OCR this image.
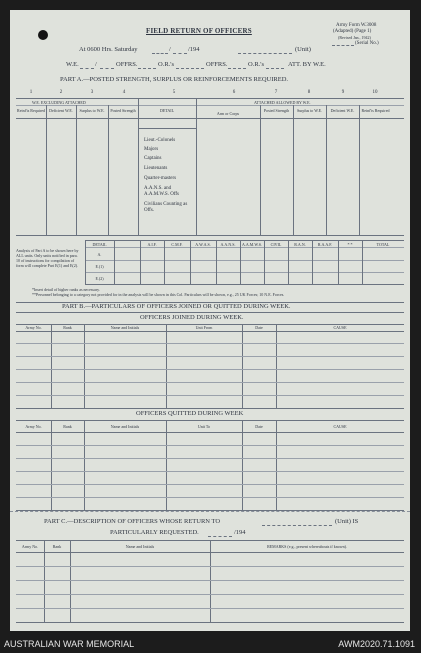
FIELD RETURN OF OFFICERS
Army Form W.3008
(Adapted) (Page 1)
(Revised Jan., 1942)
(Serial No.)
At 0600 Hrs. Saturday	/	/194	(Unit)
W.E. /	OFFRS.	O.R.'s	OFFRS.	O.R.'s	ATT. BY W.E.
PART A.—POSTED STRENGTH, SURPLUS OR REINFORCEMENTS REQUIRED.
1	2	3	4	5	6	7	8	9	10
W.E. EXCLUDING ATTACHED	ATTACHED ALLOWED BY W.E.
Reinf'ts Required	Deficient W.E.	Surplus to W.E.	Posted Strength	DETAIL
Arm or Corps
Posted Strength	Surplus to W.E.	Deficient W.E.	Reinf'ts Required
Lieut.-Colonels
Majors
Captains
Lieutenants
Quarter-masters
A.A.N.S. and A.A.M.W.S. Offs
Civilians Counting as Offs.
Analysis of Part A to be shown here by ALL units. Only units notified in para. 10 of instructions for compilation of form will complete Part E(1) and E(2).
DETAIL	A.I.F.	C.M.F.	A.W.A.S.	A.A.N.S.	A.A.M.W.S.	CIVIL	R.A.N.	R.A.A.F.	* *	TOTAL
A.
E.(1)
E.(2)
*Insert detail of higher ranks as necessary.
**Personnel belonging to a category not provided for in the analysis will be shown in this Col. Particulars will be shown, e.g., 25 UK Forces; 10 N.E. Forces.
PART B.—PARTICULARS OF OFFICERS JOINED OR QUITTED DURING WEEK.
OFFICERS JOINED DURING WEEK.
Army No.	Rank	Name and Initials	Unit From	Date	CAUSE
OFFICERS QUITTED DURING WEEK
Army No.	Rank	Name and Initials	Unit To	Date	CAUSE
PART C.—DESCRIPTION OF OFFICERS WHOSE RETURN TO	(Unit) IS
PARTICULARLY REQUESTED.	/194
Army No.	Rank	Name and Initials	REMARKS (e.g., present whereabouts if known).
AUSTRALIAN WAR MEMORIAL	AWM2020.71.1091
